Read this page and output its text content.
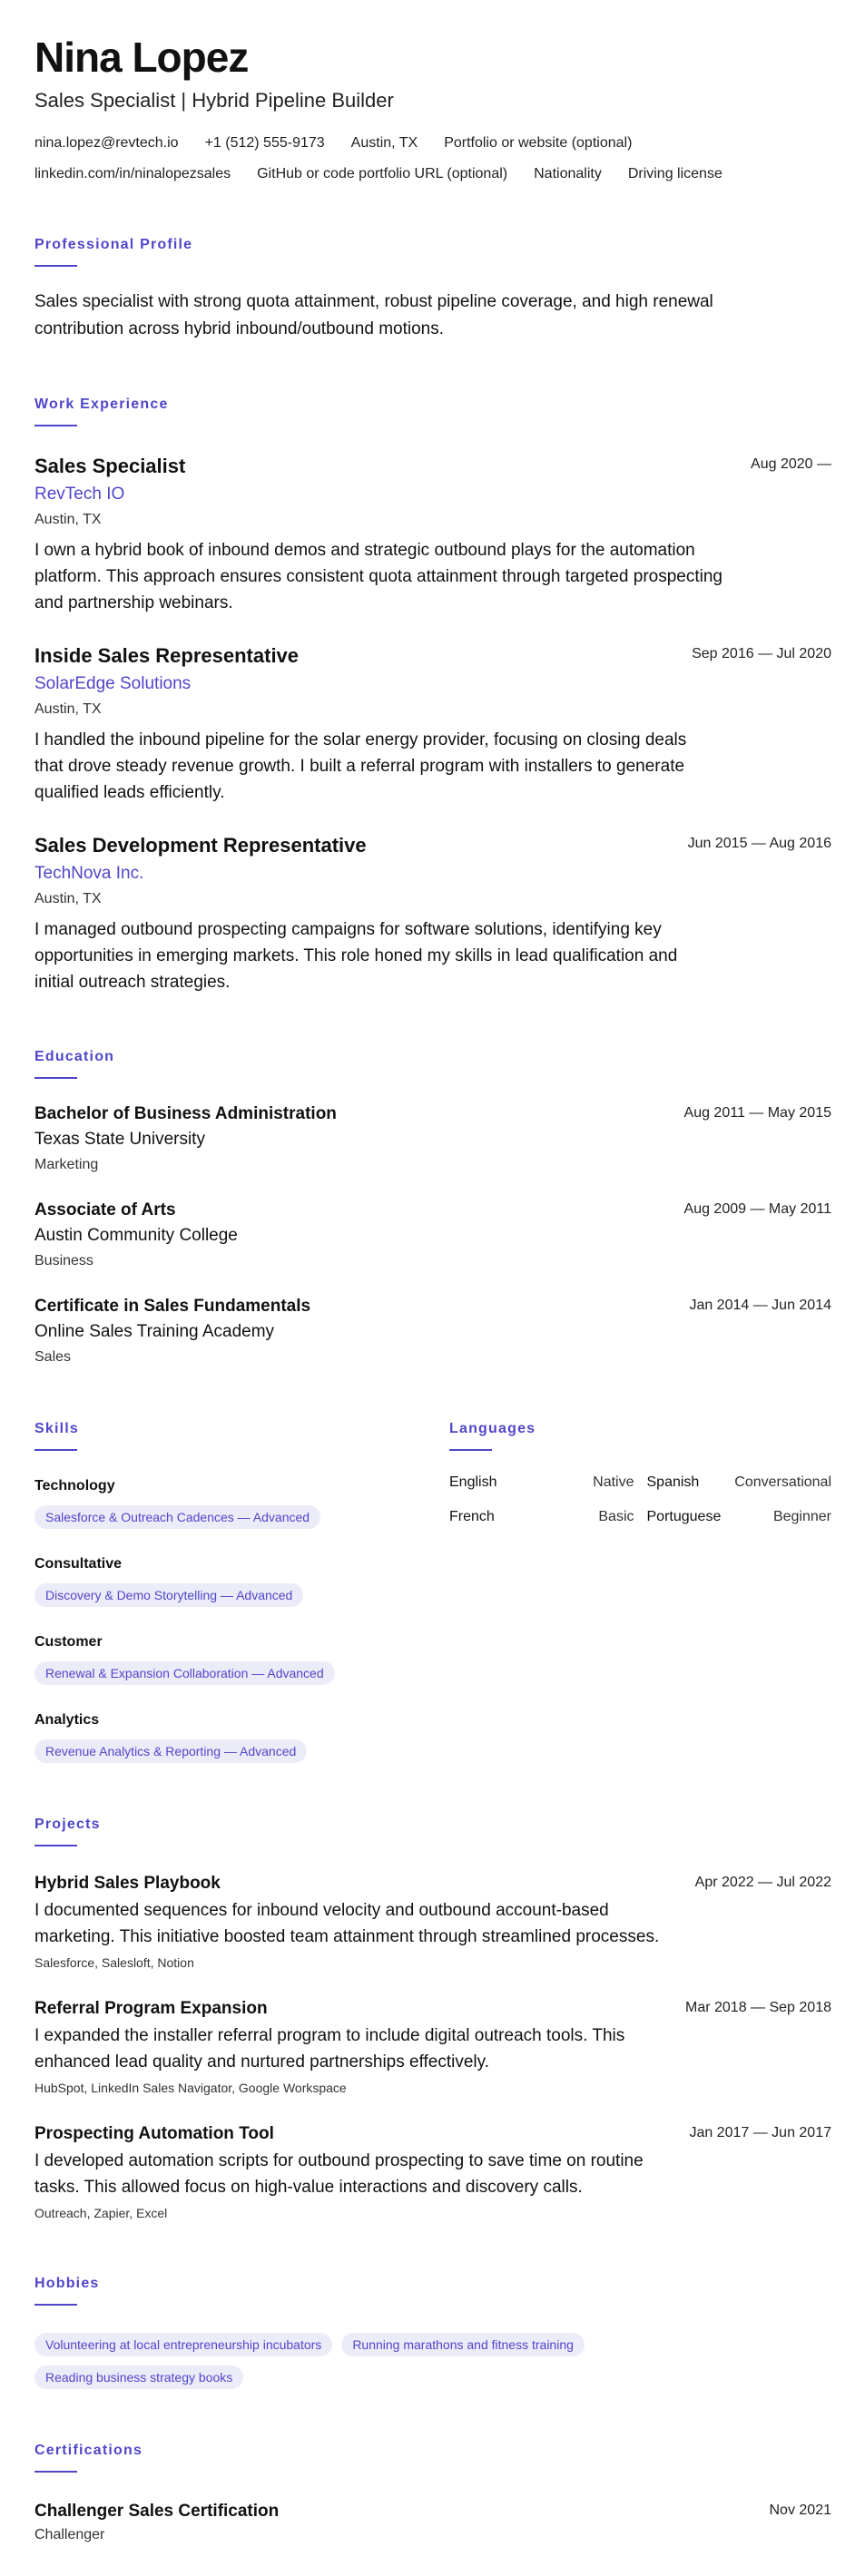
Nina Lopez
Sales Specialist | Hybrid Pipeline Builder
nina.lopez@revtech.io +1 (512) 555-9173 Austin, TX Portfolio or website (optional)
linkedin.com/in/ninalopezsales GitHub or code portfolio URL (optional) Nationality Driving license
Professional Profile
Sales specialist with strong quota attainment, robust pipeline coverage, and high renewal contribution across hybrid inbound/outbound motions.
Work Experience
Sales Specialist	Aug 2020 —
RevTech IO
Austin, TX
I own a hybrid book of inbound demos and strategic outbound plays for the automation platform. This approach ensures consistent quota attainment through targeted prospecting and partnership webinars.
Inside Sales Representative	Sep 2016 — Jul 2020
SolarEdge Solutions
Austin, TX
I handled the inbound pipeline for the solar energy provider, focusing on closing deals that drove steady revenue growth. I built a referral program with installers to generate qualified leads efficiently.
Sales Development Representative	Jun 2015 — Aug 2016
TechNova Inc.
Austin, TX
I managed outbound prospecting campaigns for software solutions, identifying key opportunities in emerging markets. This role honed my skills in lead qualification and initial outreach strategies.
Education
Bachelor of Business Administration	Aug 2011 — May 2015
Texas State University
Marketing
Associate of Arts	Aug 2009 — May 2011
Austin Community College
Business
Certificate in Sales Fundamentals	Jan 2014 — Jun 2014
Online Sales Training Academy
Sales
Skills
Technology
Salesforce & Outreach Cadences — Advanced
Consultative
Discovery & Demo Storytelling — Advanced
Customer
Renewal & Expansion Collaboration — Advanced
Analytics
Revenue Analytics & Reporting — Advanced
Languages
English	Native Spanish Conversational
French	Basic Portuguese	Beginner
Projects
Hybrid Sales Playbook	Apr 2022 — Jul 2022
I documented sequences for inbound velocity and outbound account-based marketing. This initiative boosted team attainment through streamlined processes.
Salesforce, Salesloft, Notion
Referral Program Expansion	Mar 2018 — Sep 2018
I expanded the installer referral program to include digital outreach tools. This enhanced lead quality and nurtured partnerships effectively.
HubSpot, LinkedIn Sales Navigator, Google Workspace
Prospecting Automation Tool	Jan 2017 — Jun 2017
I developed automation scripts for outbound prospecting to save time on routine tasks. This allowed focus on high-value interactions and discovery calls.
Outreach, Zapier, Excel
Hobbies
Volunteering at local entrepreneurship incubators Running marathons and fitness trainingReading business strategy books
Certifications
Challenger Sales Certification	Nov 2021
Challenger
